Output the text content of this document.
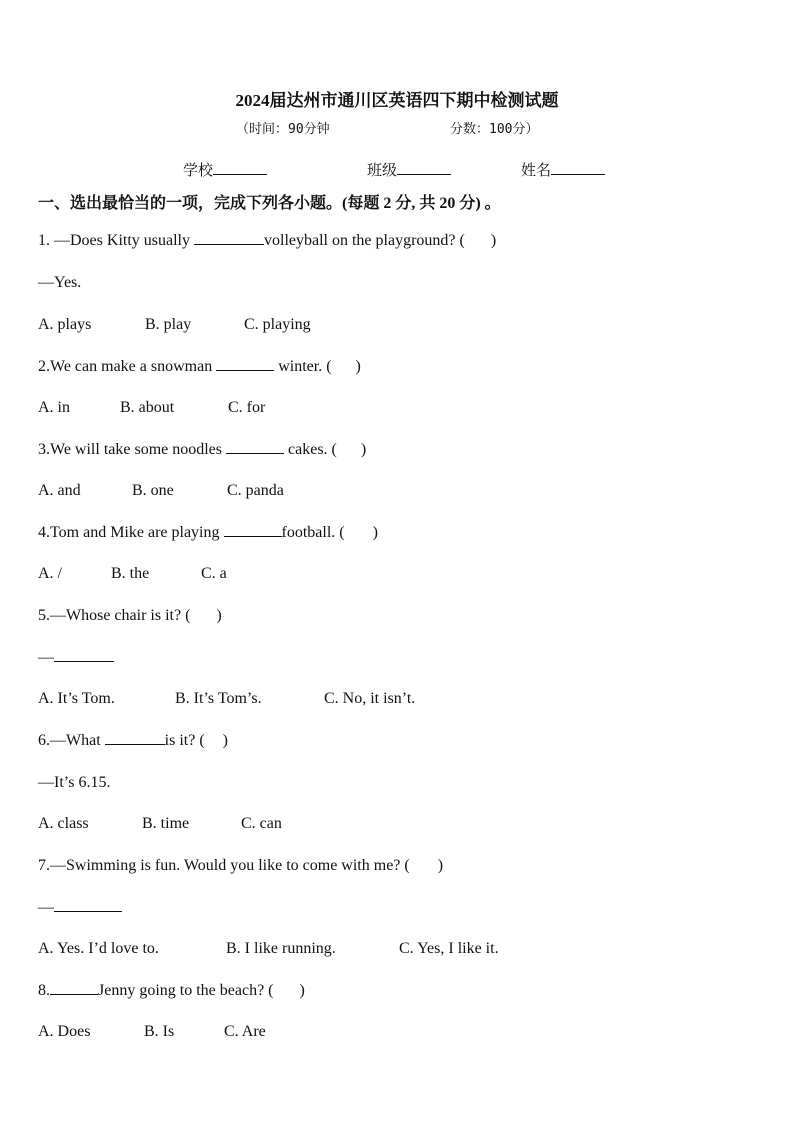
2024届达州市通川区英语四下期中检测试题
（时间：90分钟	分数：100分）
学校	班级	姓名
一、选出最恰当的一项，完成下列各小题。(每题 2 分, 共 20 分) 。
1. —Does Kitty usually	volleyball on the playground? ( )
—Yes.
A. plays	B. play	C. playing
2.We can make a snowman	winter. ( )
A. in	B. about	C. for
3.We will take some noodles	cakes. ( )
A. and	B. one	C. panda
4.Tom and Mike are playing	football. ( )
A. /	B. the	C. a
5.—Whose chair is it? ( )
—
A. It’s Tom.	B. It’s Tom’s.	C. No, it isn’t.
6.—What	is it? ( )
—It’s 6.15.
A. class	B. time	C. can
7.—Swimming is fun. Would you like to come with me? ( )
—
A. Yes. I’d love to.	B. I like running.	C. Yes, I like it.
8.	Jenny going to the beach? ( )
A. Does	B. Is	C. Are
